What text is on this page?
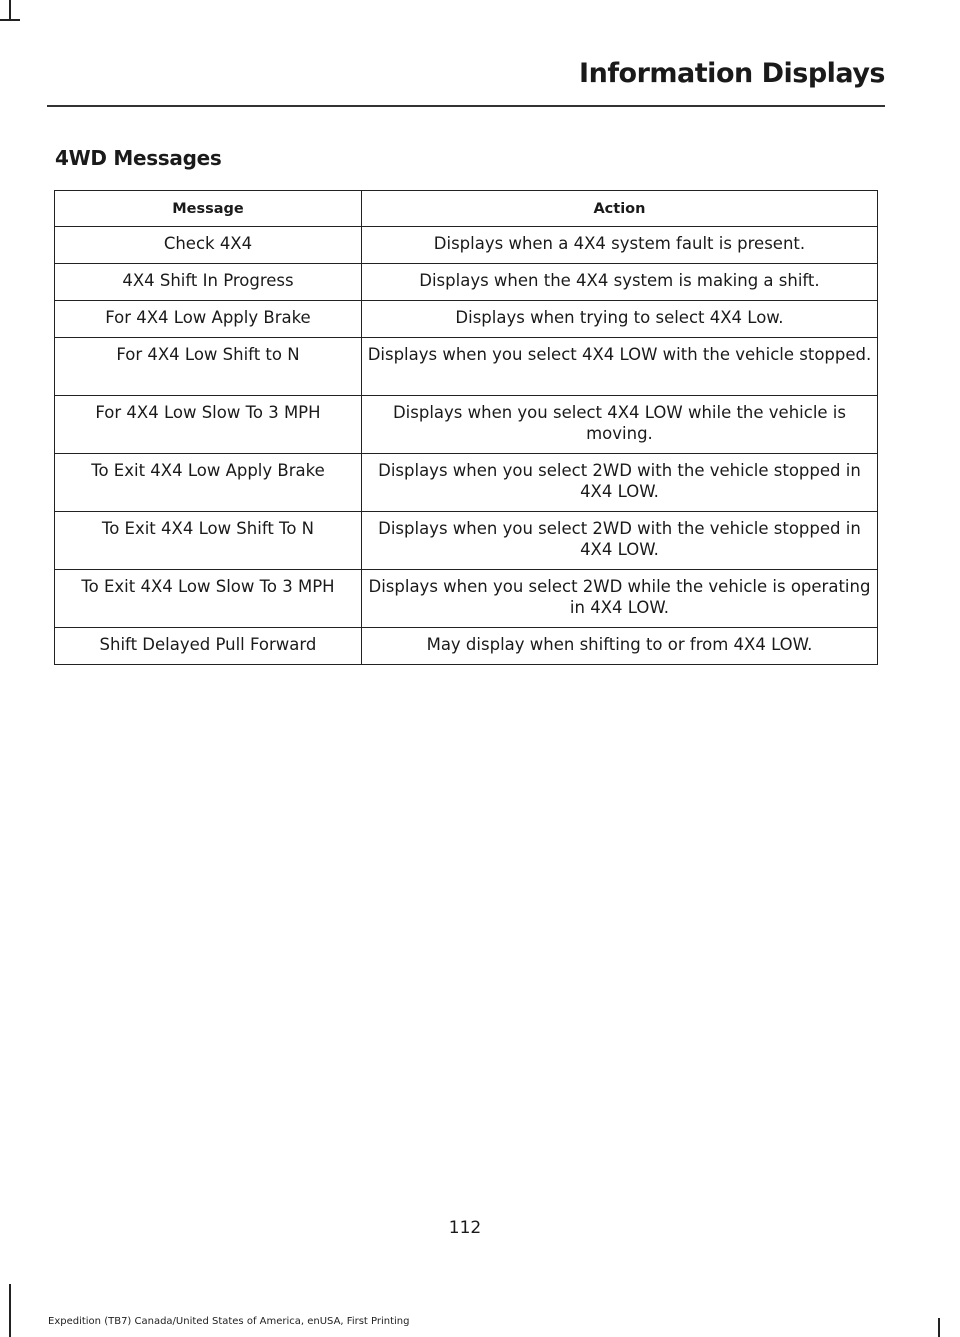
Information Displays
4WD Messages
Message	Action
Check 4X4	Displays when a 4X4 system fault is present.
4X4 Shift In Progress	Displays when the 4X4 system is making a shift.
For 4X4 Low Apply Brake	Displays when trying to select 4X4 Low.
For 4X4 Low Shift to N	Displays when you select 4X4 LOW with the vehicle stopped.
For 4X4 Low Slow To 3 MPH	Displays when you select 4X4 LOW while the vehicle is moving.
To Exit 4X4 Low Apply Brake	Displays when you select 2WD with the vehicle stopped in 4X4 LOW.
To Exit 4X4 Low Shift To N	Displays when you select 2WD with the vehicle stopped in 4X4 LOW.
To Exit 4X4 Low Slow To 3 MPH	Displays when you select 2WD while the vehicle is operating in 4X4 LOW.
Shift Delayed Pull Forward	May display when shifting to or from 4X4 LOW.
112
Expedition (TB7) Canada/United States of America, enUSA, First Printing
